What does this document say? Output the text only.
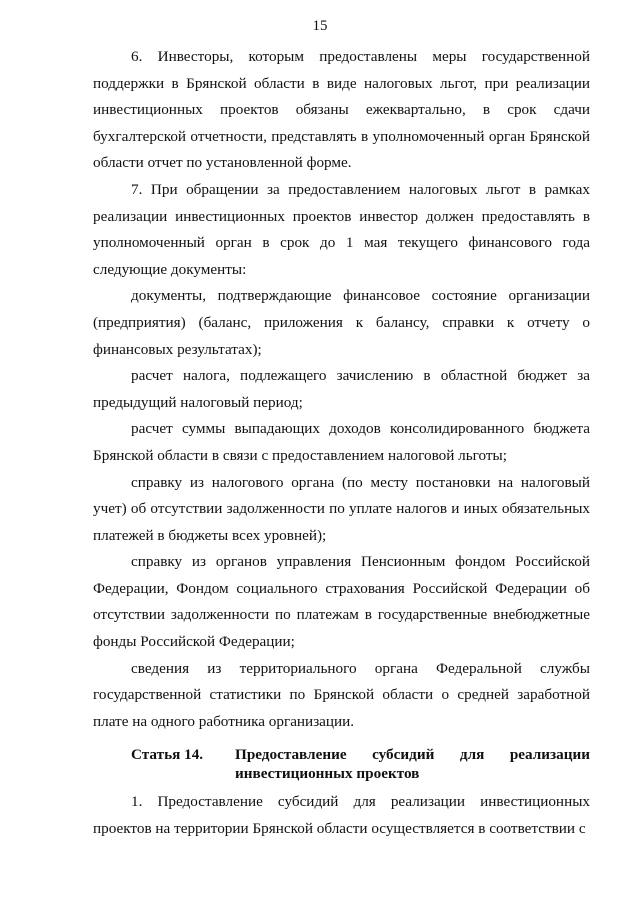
15

6. Инвесторы, которым предоставлены меры государственной поддержки в Брянской области в виде налоговых льгот, при реализации инвестиционных проектов обязаны ежеквартально, в срок сдачи бухгалтерской отчетности, представлять в уполномоченный орган Брянской области отчет по установленной форме.

7. При обращении за предоставлением налоговых льгот в рамках реализации инвестиционных проектов инвестор должен предоставлять в уполномоченный орган в срок до 1 мая текущего финансового года следующие документы:

документы, подтверждающие финансовое состояние организации (предприятия) (баланс, приложения к балансу, справки к отчету о финансовых результатах);

расчет налога, подлежащего зачислению в областной бюджет за предыдущий налоговый период;

расчет суммы выпадающих доходов консолидированного бюджета Брянской области в связи с предоставлением налоговой льготы;

справку из налогового органа (по месту постановки на налоговый учет) об отсутствии задолженности по уплате налогов и иных обязательных платежей в бюджеты всех уровней);

справку из органов управления Пенсионным фондом Российской Федерации, Фондом социального страхования Российской Федерации об отсутствии задолженности по платежам в государственные внебюджетные фонды Российской Федерации;

сведения из территориального органа Федеральной службы государственной статистики по Брянской области о средней заработной плате на одного работника организации.

Статья 14.	Предоставление субсидий для реализации
инвестиционных проектов

1. Предоставление субсидий для реализации инвестиционных проектов на территории Брянской области осуществляется в соответствии с
